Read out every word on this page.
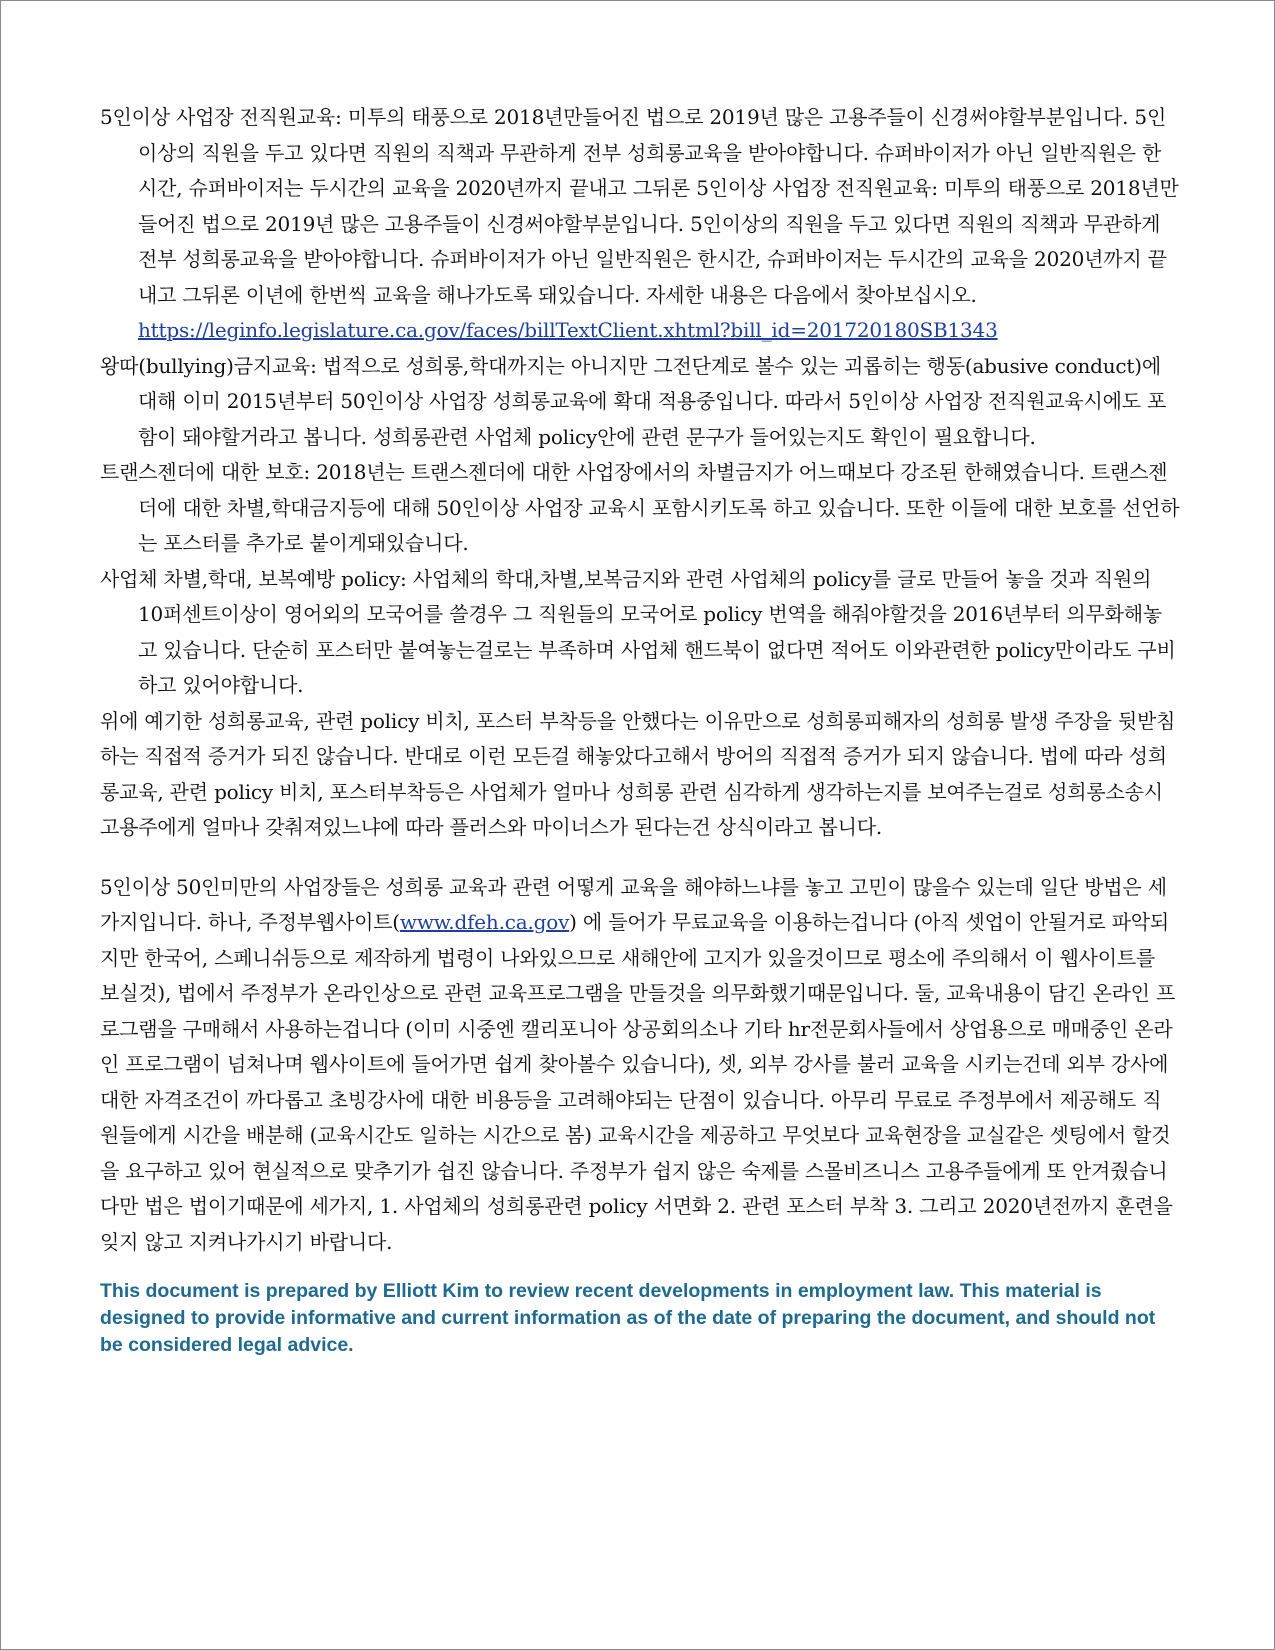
5인이상 사업장 전직원교육: 미투의 태풍으로 2018년만들어진 법으로 2019년 많은 고용주들이 신경써야할부분입니다. 5인이상의 직원을 두고 있다면 직원의 직책과 무관하게 전부 성희롱교육을 받아야합니다. 슈퍼바이저가 아닌 일반직원은 한시간, 슈퍼바이저는 두시간의 교육을 2020년까지 끝내고 그뒤론 5인이상 사업장 전직원교육: 미투의 태풍으로 2018년만들어진 법으로 2019년 많은 고용주들이 신경써야할부분입니다. 5인이상의 직원을 두고 있다면 직원의 직책과 무관하게 전부 성희롱교육을 받아야합니다. 슈퍼바이저가 아닌 일반직원은 한시간, 슈퍼바이저는 두시간의 교육을 2020년까지 끝내고 그뒤론 이년에 한번씩 교육을 해나가도록 돼있습니다. 자세한 내용은 다음에서 찾아보십시오. https://leginfo.legislature.ca.gov/faces/billTextClient.xhtml?bill_id=201720180SB1343

왕따(bullying)금지교육: 법적으로 성희롱,학대까지는 아니지만 그전단계로 볼수 있는 괴롭히는 행동(abusive conduct)에 대해 이미 2015년부터 50인이상 사업장 성희롱교육에 확대 적용중입니다. 따라서 5인이상 사업장 전직원교육시에도 포함이 돼야할거라고 봅니다. 성희롱관련 사업체 policy안에 관련 문구가 들어있는지도 확인이 필요합니다.

트랜스젠더에 대한 보호: 2018년는 트랜스젠더에 대한 사업장에서의 차별금지가 어느때보다 강조된 한해였습니다. 트랜스젠더에 대한 차별,학대금지등에 대해 50인이상 사업장 교육시 포함시키도록 하고 있습니다. 또한 이들에 대한 보호를 선언하는 포스터를 추가로 붙이게돼있습니다.

사업체 차별,학대, 보복예방 policy: 사업체의 학대,차별,보복금지와 관련 사업체의 policy를 글로 만들어 놓을 것과 직원의 10퍼센트이상이 영어외의 모국어를 쓸경우 그 직원들의 모국어로 policy 번역을 해줘야할것을 2016년부터 의무화해놓고 있습니다. 단순히 포스터만 붙여놓는걸로는 부족하며 사업체 핸드북이 없다면 적어도 이와관련한 policy만이라도 구비하고 있어야합니다.

위에 예기한 성희롱교육, 관련 policy 비치, 포스터 부착등을 안했다는 이유만으로 성희롱피해자의 성희롱 발생 주장을 뒷받침하는 직접적 증거가 되진 않습니다. 반대로 이런 모든걸 해놓았다고해서 방어의 직접적 증거가 되지 않습니다. 법에 따라 성희롱교육, 관련 policy 비치, 포스터부착등은 사업체가 얼마나 성희롱 관련 심각하게 생각하는지를 보여주는걸로 성희롱소송시 고용주에게 얼마나 갖춰져있느냐에 따라 플러스와 마이너스가 된다는건 상식이라고 봅니다.

5인이상 50인미만의 사업장들은 성희롱 교육과 관련 어떻게 교육을 해야하느냐를 놓고 고민이 많을수 있는데 일단 방법은 세가지입니다. 하나, 주정부웹사이트(www.dfeh.ca.gov) 에 들어가 무료교육을 이용하는겁니다 (아직 셋업이 안될거로 파악되지만 한국어, 스페니쉬등으로 제작하게 법령이 나와있으므로 새해안에 고지가 있을것이므로 평소에 주의해서 이 웹사이트를 보실것), 법에서 주정부가 온라인상으로 관련 교육프로그램을 만들것을 의무화했기때문입니다. 둘, 교육내용이 담긴 온라인 프로그램을 구매해서 사용하는겁니다 (이미 시중엔 캘리포니아 상공회의소나 기타 hr전문회사들에서 상업용으로 매매중인 온라인 프로그램이 넘쳐나며 웹사이트에 들어가면 쉽게 찾아볼수 있습니다), 셋, 외부 강사를 불러 교육을 시키는건데 외부 강사에 대한 자격조건이 까다롭고 초빙강사에 대한 비용등을 고려해야되는 단점이 있습니다. 아무리 무료로 주정부에서 제공해도 직원들에게 시간을 배분해 (교육시간도 일하는 시간으로 봄) 교육시간을 제공하고 무엇보다 교육현장을 교실같은 셋팅에서 할것을 요구하고 있어 현실적으로 맞추기가 쉽진 않습니다. 주정부가 쉽지 않은 숙제를 스몰비즈니스 고용주들에게 또 안겨줬습니다만 법은 법이기때문에 세가지, 1. 사업체의 성희롱관련 policy 서면화 2. 관련 포스터 부착 3. 그리고 2020년전까지 훈련을 잊지 않고 지켜나가시기 바랍니다.

This document is prepared by Elliott Kim to review recent developments in employment law. This material is designed to provide informative and current information as of the date of preparing the document, and should not be considered legal advice.
